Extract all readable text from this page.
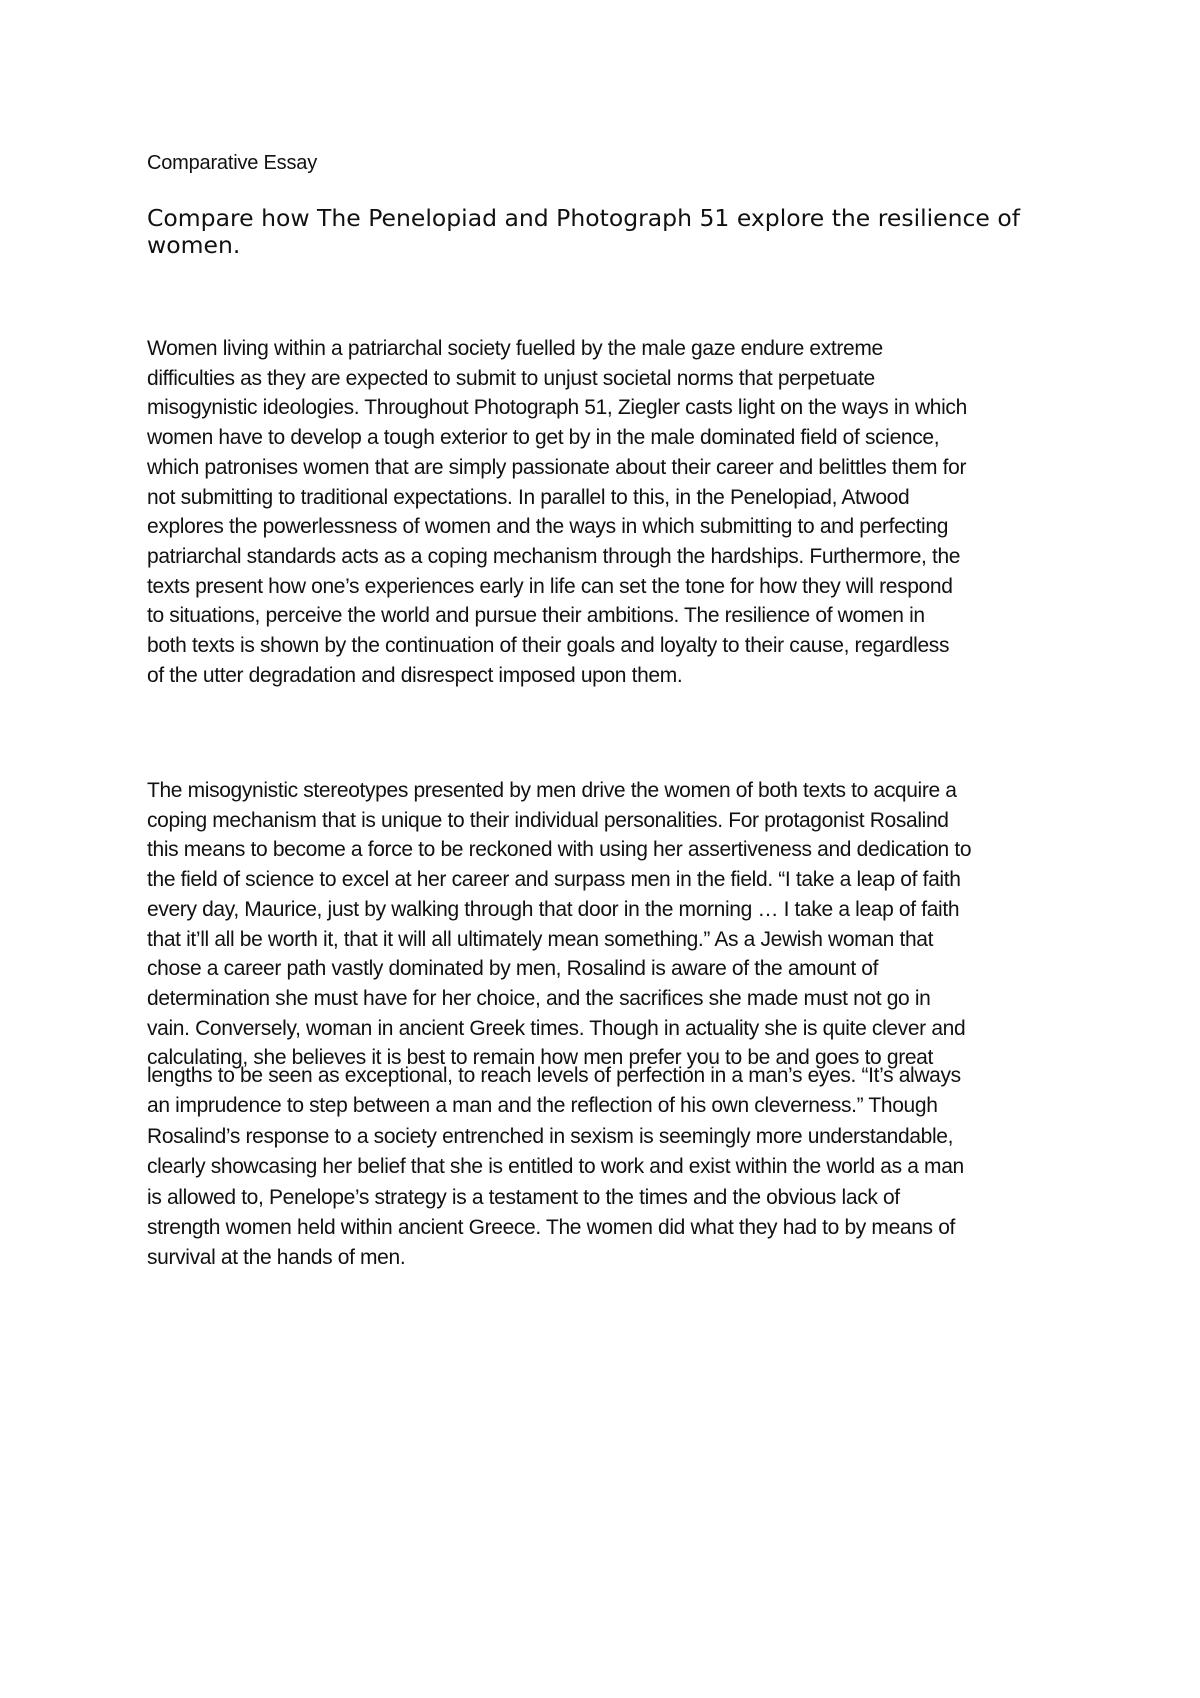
Comparative Essay

Compare how The Penelopiad and Photograph 51 explore the resilience of women.
Women living within a patriarchal society fuelled by the male gaze endure extreme
difficulties as they are expected to submit to unjust societal norms that perpetuate
misogynistic ideologies. Throughout Photograph 51, Ziegler casts light on the ways in which
women have to develop a tough exterior to get by in the male dominated field of science,
which patronises women that are simply passionate about their career and belittles them for
not submitting to traditional expectations. In parallel to this, in the Penelopiad, Atwood
explores the powerlessness of women and the ways in which submitting to and perfecting
patriarchal standards acts as a coping mechanism through the hardships. Furthermore, the
texts present how one’s experiences early in life can set the tone for how they will respond
to situations, perceive the world and pursue their ambitions. The resilience of women in
both texts is shown by the continuation of their goals and loyalty to their cause, regardless
of the utter degradation and disrespect imposed upon them.
The misogynistic stereotypes presented by men drive the women of both texts to acquire a
coping mechanism that is unique to their individual personalities. For protagonist Rosalind
this means to become a force to be reckoned with using her assertiveness and dedication to
the field of science to excel at her career and surpass men in the field. “I take a leap of faith
every day, Maurice, just by walking through that door in the morning … I take a leap of faith
that it’ll all be worth it, that it will all ultimately mean something.” As a Jewish woman that
chose a career path vastly dominated by men, Rosalind is aware of the amount of
determination she must have for her choice, and the sacrifices she made must not go in
vain. Conversely, woman in ancient Greek times. Though in actuality she is quite clever and
calculating, she believes it is best to remain how men prefer you to be and goes to great
lengths to be seen as exceptional, to reach levels of perfection in a man’s eyes. “It’s always
an imprudence to step between a man and the reflection of his own cleverness.” Though
Rosalind’s response to a society entrenched in sexism is seemingly more understandable,
clearly showcasing her belief that she is entitled to work and exist within the world as a man
is allowed to, Penelope’s strategy is a testament to the times and the obvious lack of
strength women held within ancient Greece. The women did what they had to by means of
survival at the hands of men.
